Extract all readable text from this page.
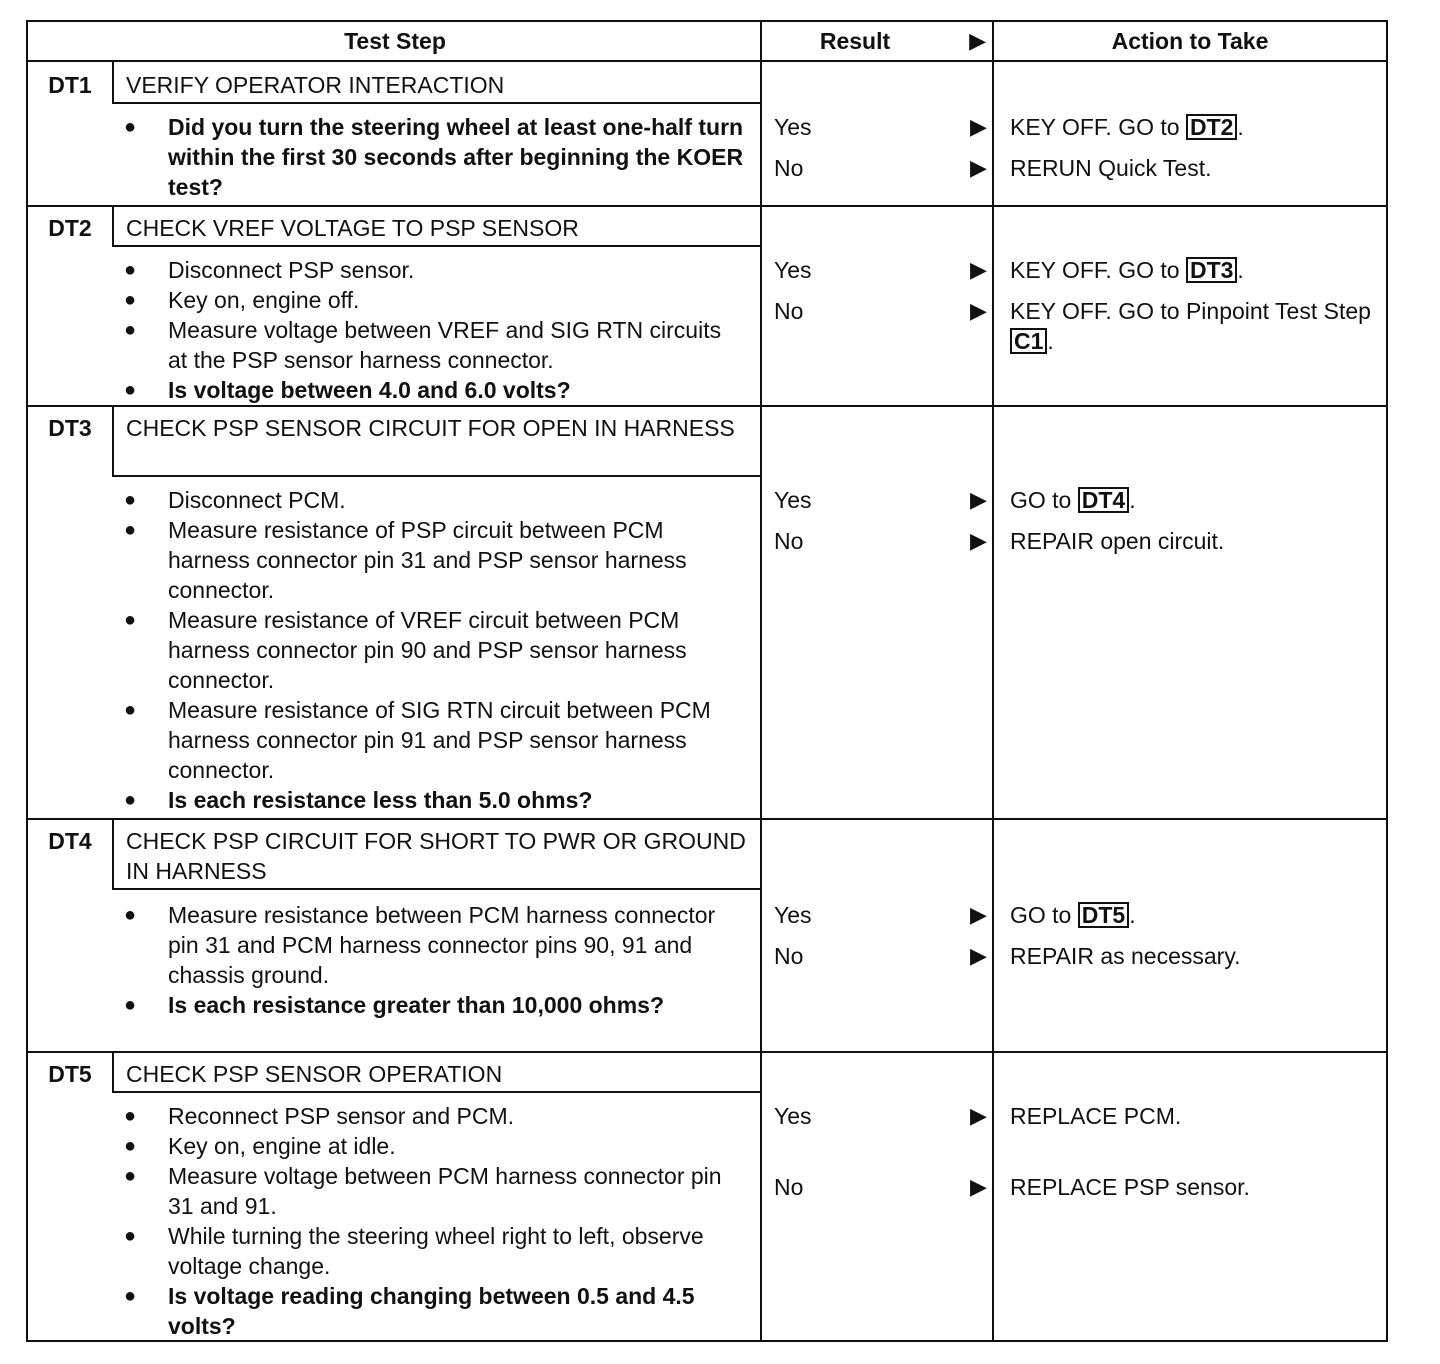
Test Step	Result	▶	Action to Take
DT1	VERIFY OPERATOR INTERACTION
● Did you turn the steering wheel at least one-half turn within the first 30 seconds after beginning the KOER test?
Yes	▶ KEY OFF. GO to DT2 .
No	▶ RERUN Quick Test.
DT2	CHECK VREF VOLTAGE TO PSP SENSOR
● Disconnect PSP sensor.
● Key on, engine off.
● Measure voltage between VREF and SIG RTN circuits at the PSP sensor harness connector.
● Is voltage between 4.0 and 6.0 volts?
Yes	▶ KEY OFF. GO to DT3 .
No	▶ KEY OFF. GO to Pinpoint Test Step C1 .
DT3	CHECK PSP SENSOR CIRCUIT FOR OPEN IN HARNESS
● Disconnect PCM.
● Measure resistance of PSP circuit between PCM harness connector pin 31 and PSP sensor harness connector.
● Measure resistance of VREF circuit between PCM harness connector pin 90 and PSP sensor harness connector.
● Measure resistance of SIG RTN circuit between PCM harness connector pin 91 and PSP sensor harness connector.
● Is each resistance less than 5.0 ohms?
Yes	▶ GO to DT4 .
No	▶ REPAIR open circuit.
DT4	CHECK PSP CIRCUIT FOR SHORT TO PWR OR GROUND IN HARNESS
● Measure resistance between PCM harness connector pin 31 and PCM harness connector pins 90, 91 and chassis ground.
● Is each resistance greater than 10,000 ohms?
Yes	▶ GO to DT5 .
No	▶ REPAIR as necessary.
DT5	CHECK PSP SENSOR OPERATION
● Reconnect PSP sensor and PCM.
● Key on, engine at idle.
● Measure voltage between PCM harness connector pin 31 and 91.
● While turning the steering wheel right to left, observe voltage change.
● Is voltage reading changing between 0.5 and 4.5 volts?
Yes	▶ REPLACE PCM.
No	▶ REPLACE PSP sensor.
